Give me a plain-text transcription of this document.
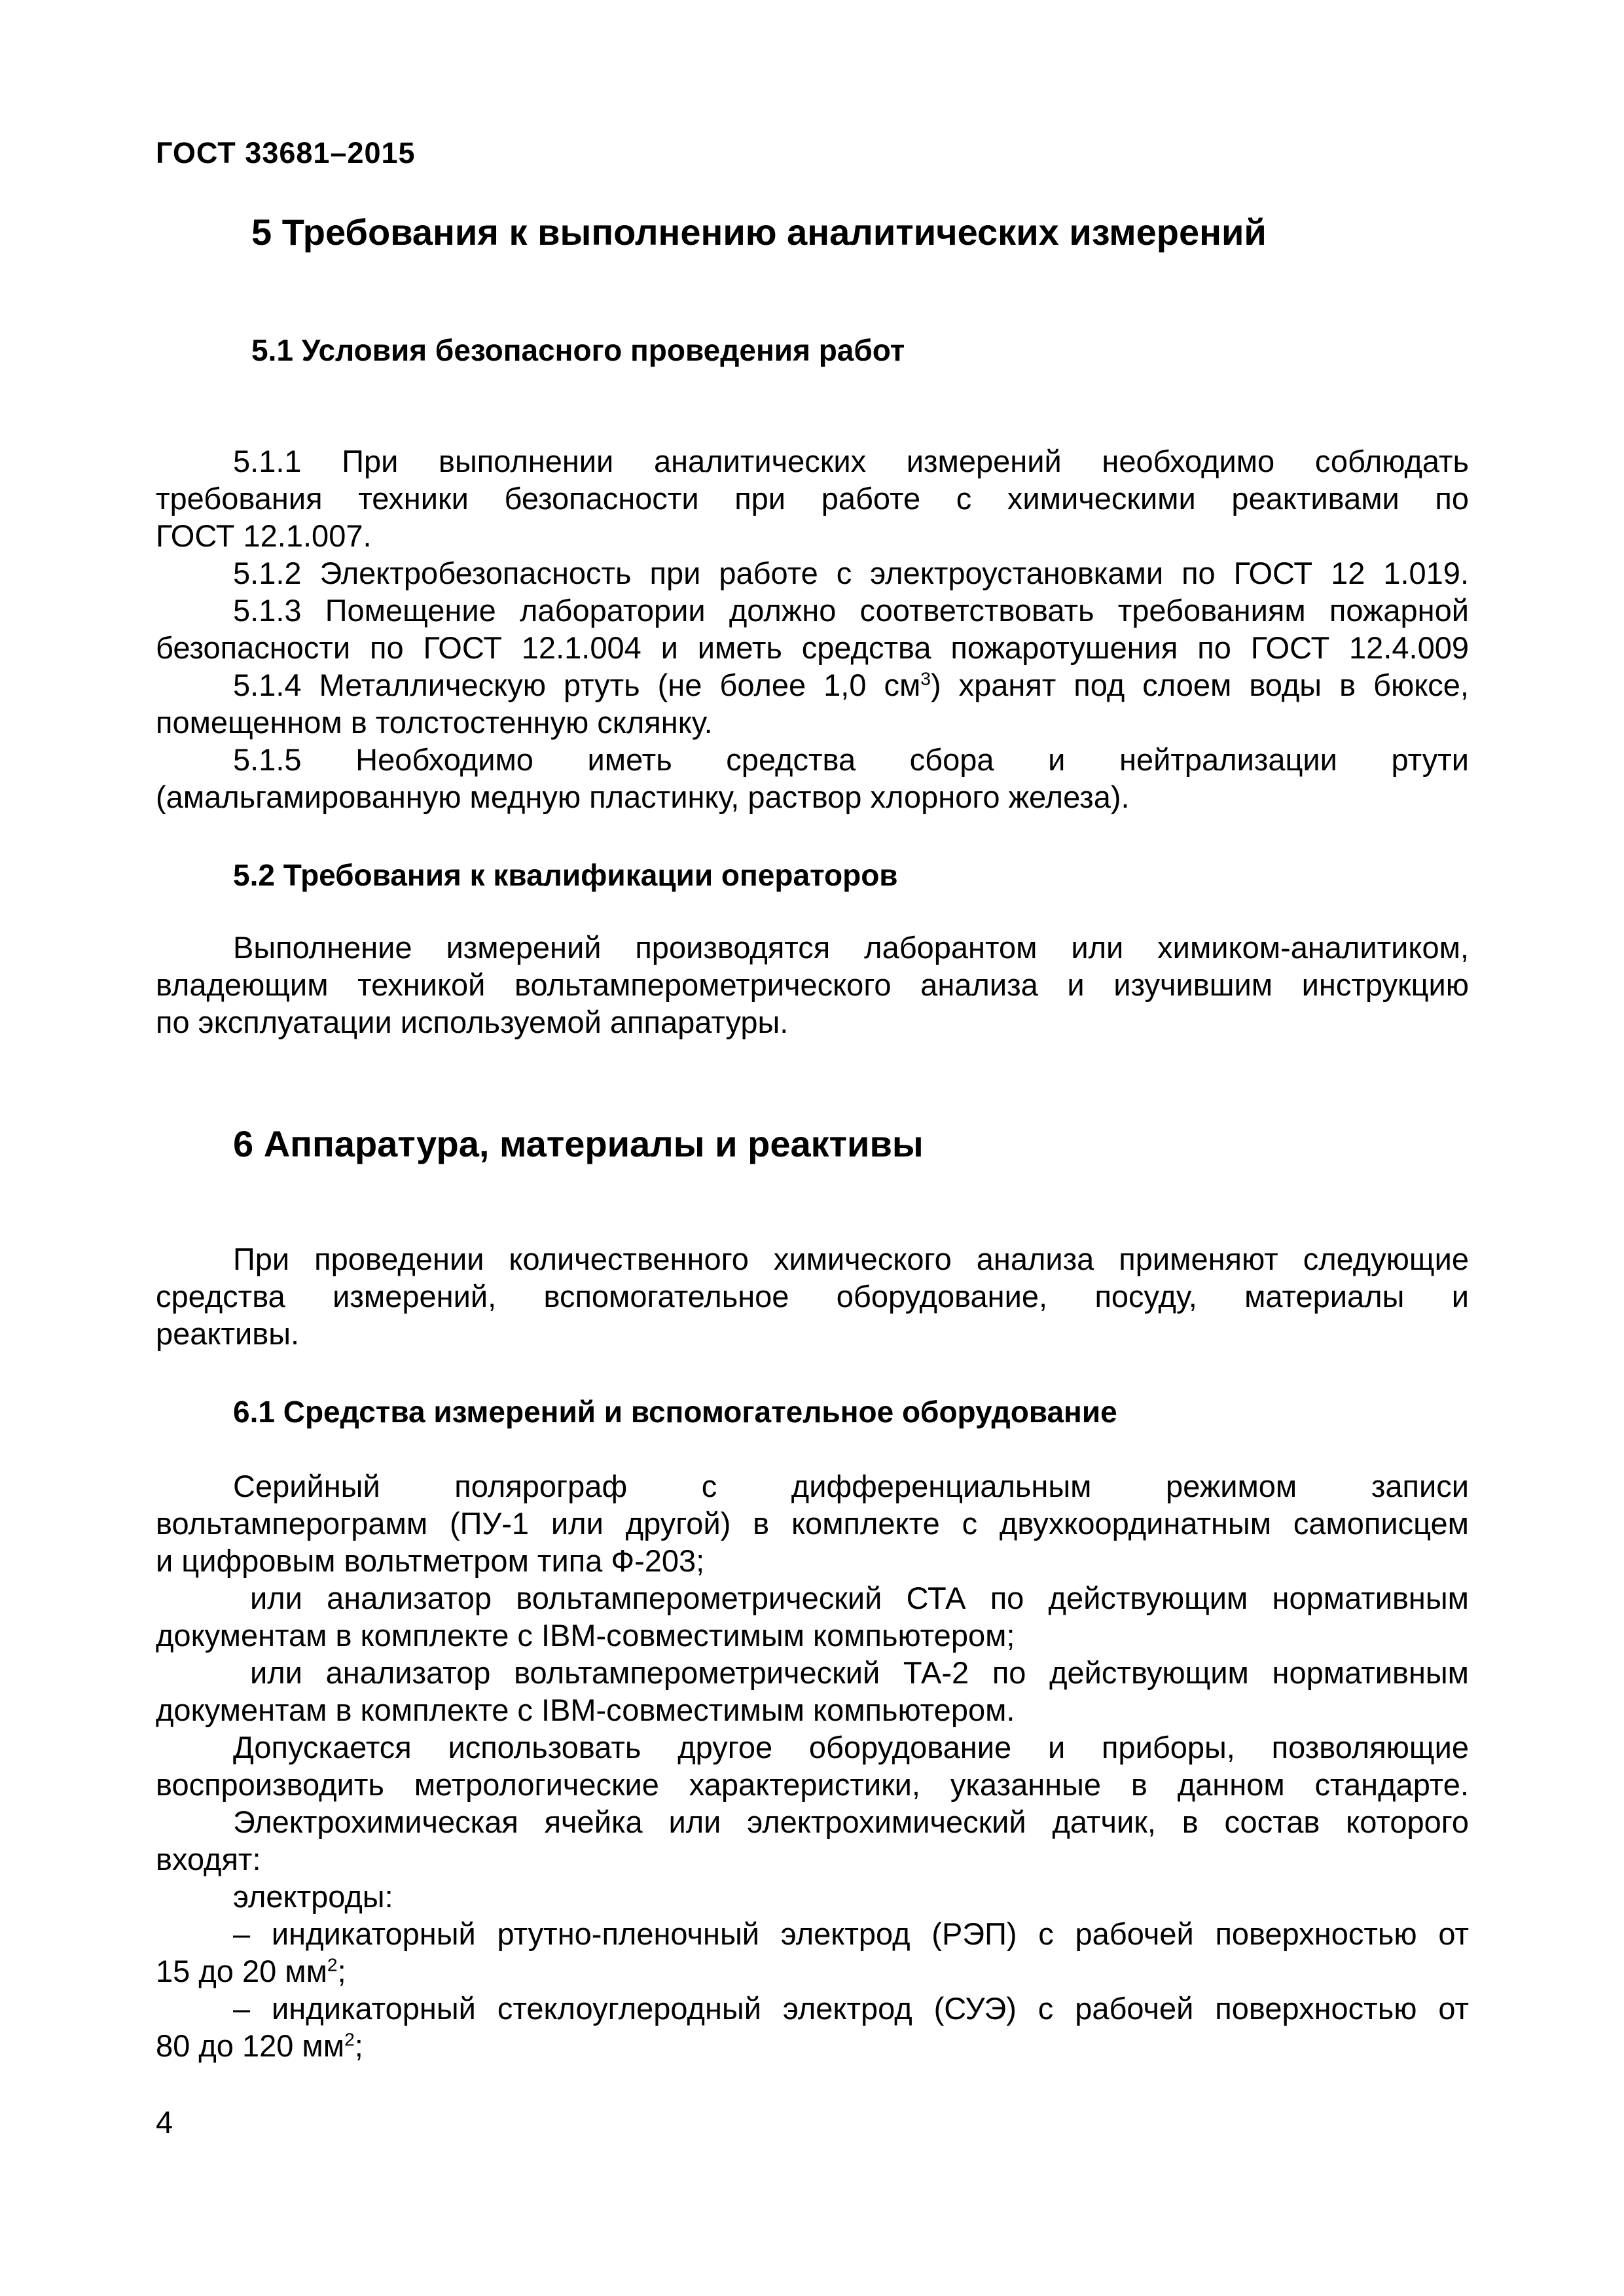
ГОСТ 33681–2015
5 Требования к выполнению аналитических измерений
5.1 Условия безопасного проведения работ
5.1.1 При выполнении аналитических измерений необходимо соблюдать
требования техники безопасности при работе с химическими реактивами по
ГОСТ 12.1.007.
5.1.2 Электробезопасность при работе с электроустановками по ГОСТ 12 1.019.
5.1.3 Помещение лаборатории должно соответствовать требованиям пожарной
безопасности по ГОСТ 12.1.004 и иметь средства пожаротушения по ГОСТ 12.4.009
5.1.4 Металлическую ртуть (не более 1,0 $см^3$) хранят под слоем воды в бюксе,
помещенном в толстостенную склянку.
5.1.5 Необходимо иметь средства сбора и нейтрализации ртути
(амальгамированную медную пластинку, раствор хлорного железа).
5.2 Требования к квалификации операторов
Выполнение измерений производятся лаборантом или химиком-аналитиком,
владеющим техникой вольтамперометрического анализа и изучившим инструкцию
по эксплуатации используемой аппаратуры.
6 Аппаратура, материалы и реактивы
При проведении количественного химического анализа применяют следующие
средства измерений, вспомогательное оборудование, посуду, материалы и
реактивы.
6.1 Средства измерений и вспомогательное оборудование
Серийный полярограф с дифференциальным режимом записи
вольтамперограмм (ПУ-1 или другой) в комплекте с двухкоординатным самописцем
и цифровым вольтметром типа Ф-203;
или анализатор вольтамперометрический СТА по действующим нормативным
документам в комплекте с IBM-совместимым компьютером;
или анализатор вольтамперометрический ТА-2 по действующим нормативным
документам в комплекте с IBM-совместимым компьютером.
Допускается использовать другое оборудование и приборы, позволяющие
воспроизводить метрологические характеристики, указанные в данном стандарте.
Электрохимическая ячейка или электрохимический датчик, в состав которого
входят:
электроды:
– индикаторный ртутно-пленочный электрод (РЭП) с рабочей поверхностью от
15 до 20 $мм^2$;
– индикаторный стеклоуглеродный электрод (СУЭ) с рабочей поверхностью от
80 до 120 $мм^2$;
4
